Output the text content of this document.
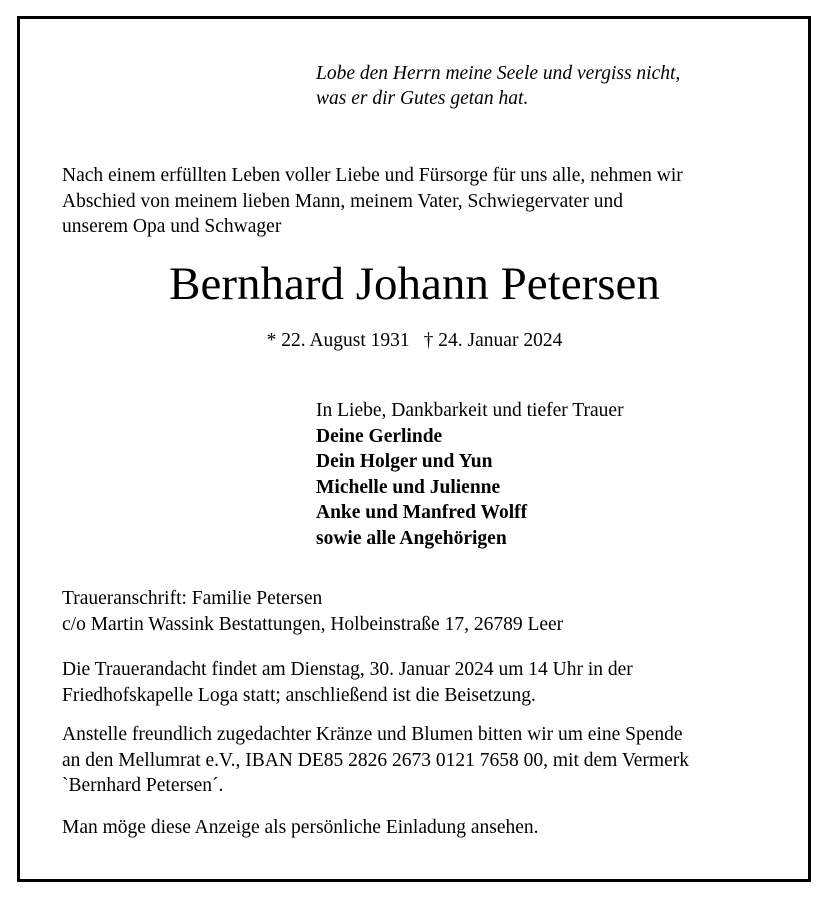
Lobe den Herrn meine Seele und vergiss nicht,
was er dir Gutes getan hat.
Nach einem erfüllten Leben voller Liebe und Fürsorge für uns alle, nehmen wir
Abschied von meinem lieben Mann, meinem Vater, Schwiegervater und
unserem Opa und Schwager
Bernhard Johann Petersen
* 22. August 1931 † 24. Januar 2024
In Liebe, Dankbarkeit und tiefer Trauer
Deine Gerlinde
Dein Holger und Yun
Michelle und Julienne
Anke und Manfred Wolff
sowie alle Angehörigen
Traueranschrift: Familie Petersen
c/o Martin Wassink Bestattungen, Holbeinstraße 17, 26789 Leer
Die Trauerandacht findet am Dienstag, 30. Januar 2024 um 14 Uhr in der
Friedhofskapelle Loga statt; anschließend ist die Beisetzung.
Anstelle freundlich zugedachter Kränze und Blumen bitten wir um eine Spende
an den Mellumrat e.V., IBAN DE85 2826 2673 0121 7658 00, mit dem Vermerk
`Bernhard Petersen´.
Man möge diese Anzeige als persönliche Einladung ansehen.
